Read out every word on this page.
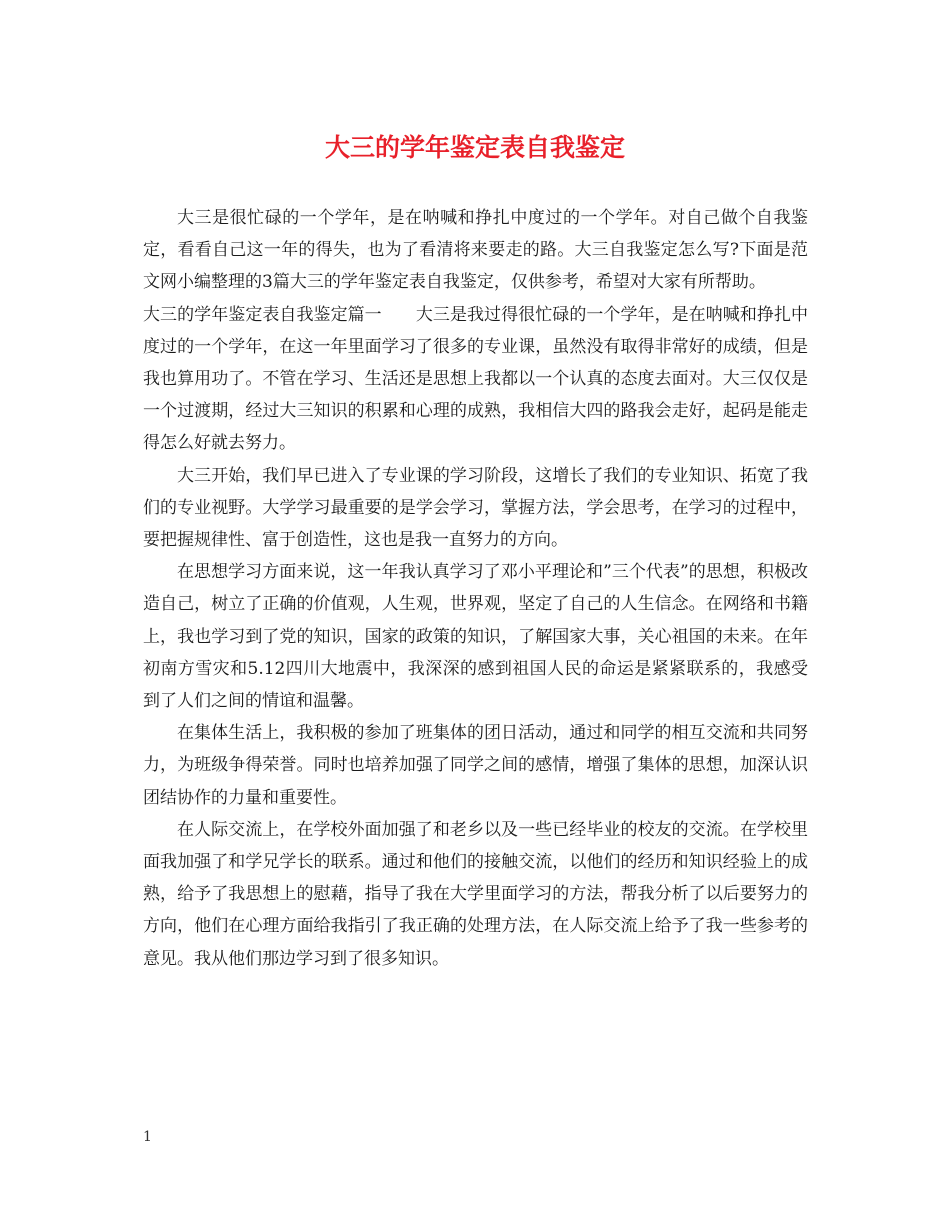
大三的学年鉴定表自我鉴定

大三是很忙碌的一个学年，是在呐喊和挣扎中度过的一个学年。对自己做个自我鉴定，看看自己这一年的得失，也为了看清将来要走的路。大三自我鉴定怎么写?下面是范文网小编整理的3篇大三的学年鉴定表自我鉴定，仅供参考，希望对大家有所帮助。

大三的学年鉴定表自我鉴定篇一　　大三是我过得很忙碌的一个学年，是在呐喊和挣扎中度过的一个学年，在这一年里面学习了很多的专业课，虽然没有取得非常好的成绩，但是我也算用功了。不管在学习、生活还是思想上我都以一个认真的态度去面对。大三仅仅是一个过渡期，经过大三知识的积累和心理的成熟，我相信大四的路我会走好，起码是能走得怎么好就去努力。

大三开始，我们早已进入了专业课的学习阶段，这增长了我们的专业知识、拓宽了我们的专业视野。大学学习最重要的是学会学习，掌握方法，学会思考，在学习的过程中，要把握规律性、富于创造性，这也是我一直努力的方向。

在思想学习方面来说，这一年我认真学习了邓小平理论和”三个代表”的思想，积极改造自己，树立了正确的价值观，人生观，世界观，坚定了自己的人生信念。在网络和书籍上，我也学习到了党的知识，国家的政策的知识，了解国家大事，关心祖国的未来。在年初南方雪灾和5.12四川大地震中，我深深的感到祖国人民的命运是紧紧联系的，我感受到了人们之间的情谊和温馨。

在集体生活上，我积极的参加了班集体的团日活动，通过和同学的相互交流和共同努力，为班级争得荣誉。同时也培养加强了同学之间的感情，增强了集体的思想，加深认识团结协作的力量和重要性。

在人际交流上，在学校外面加强了和老乡以及一些已经毕业的校友的交流。在学校里面我加强了和学兄学长的联系。通过和他们的接触交流，以他们的经历和知识经验上的成熟，给予了我思想上的慰藉，指导了我在大学里面学习的方法，帮我分析了以后要努力的方向，他们在心理方面给我指引了我正确的处理方法，在人际交流上给予了我一些参考的意见。我从他们那边学习到了很多知识。

1
